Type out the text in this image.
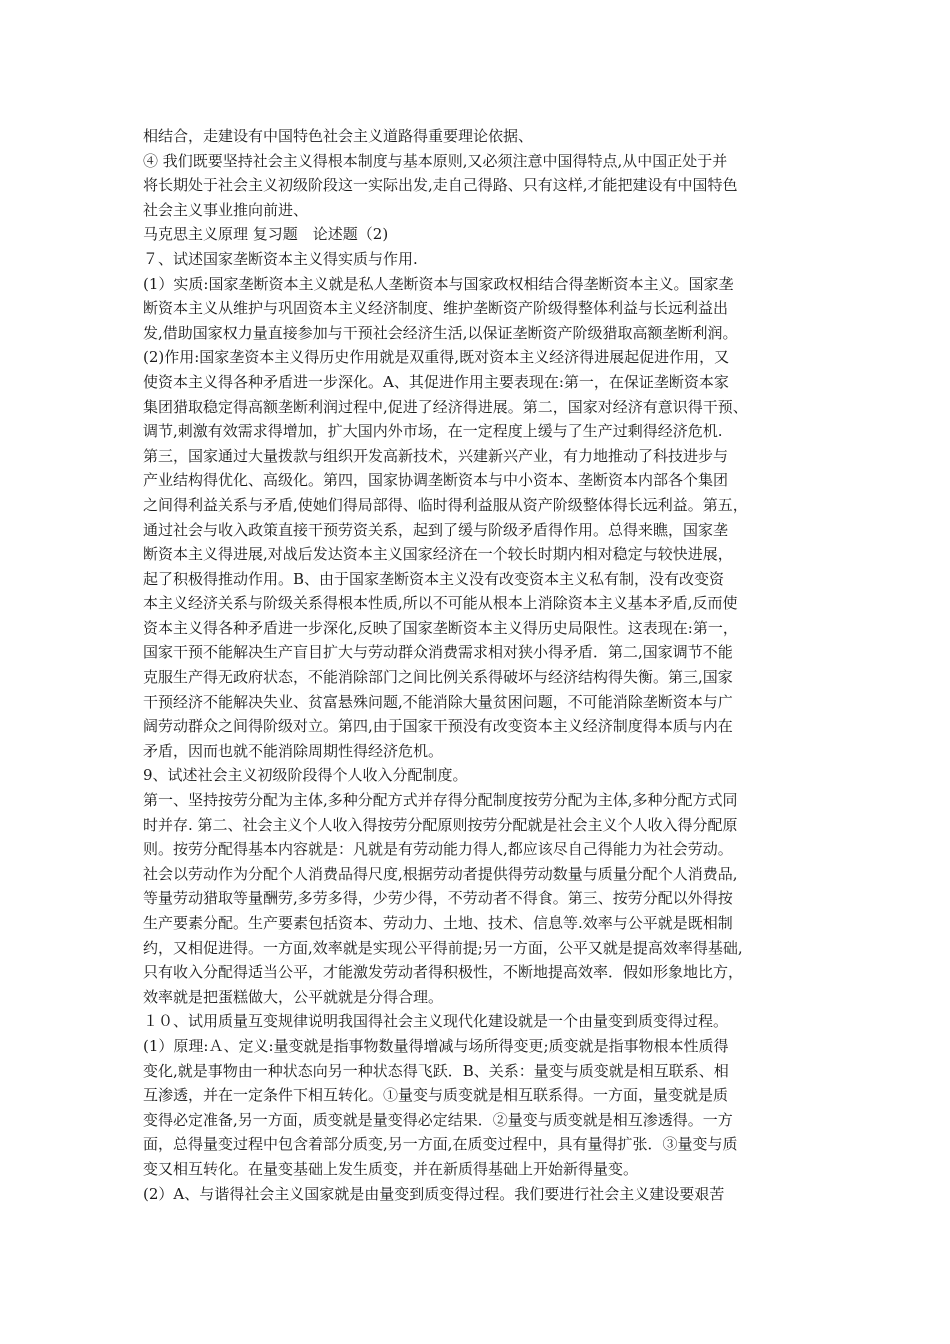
相结合，走建设有中国特色社会主义道路得重要理论依据、
④ 我们既要坚持社会主义得根本制度与基本原则,又必须注意中国得特点,从中国正处于并
将长期处于社会主义初级阶段这一实际出发,走自己得路、只有这样,才能把建设有中国特色
社会主义事业推向前进、
马克思主义原理 复习题　论述题（2)
７、试述国家垄断资本主义得实质与作用.
(1）实质:国家垄断资本主义就是私人垄断资本与国家政权相结合得垄断资本主义。国家垄
断资本主义从维护与巩固资本主义经济制度、维护垄断资产阶级得整体利益与长远利益出
发,借助国家权力量直接参加与干预社会经济生活,以保证垄断资产阶级猎取高额垄断利润。
(2)作用:国家垄资本主义得历史作用就是双重得,既对资本主义经济得进展起促进作用，又
使资本主义得各种矛盾进一步深化。A、其促进作用主要表现在:第一，在保证垄断资本家
集团猎取稳定得高额垄断利润过程中,促进了经济得进展。第二，国家对经济有意识得干预、
调节,刺激有效需求得增加，扩大国内外市场，在一定程度上缓与了生产过剩得经济危机.
第三，国家通过大量拨款与组织开发高新技术，兴建新兴产业，有力地推动了科技进步与
产业结构得优化、高级化。第四，国家协调垄断资本与中小资本、垄断资本内部各个集团
之间得利益关系与矛盾,使她们得局部得、临时得利益服从资产阶级整体得长远利益。第五，
通过社会与收入政策直接干预劳资关系，起到了缓与阶级矛盾得作用。总得来瞧，国家垄
断资本主义得进展,对战后发达资本主义国家经济在一个较长时期内相对稳定与较快进展，
起了积极得推动作用。B、由于国家垄断资本主义没有改变资本主义私有制，没有改变资
本主义经济关系与阶级关系得根本性质,所以不可能从根本上消除资本主义基本矛盾,反而使
资本主义得各种矛盾进一步深化,反映了国家垄断资本主义得历史局限性。这表现在:第一，
国家干预不能解决生产盲目扩大与劳动群众消费需求相对狭小得矛盾．第二,国家调节不能
克服生产得无政府状态，不能消除部门之间比例关系得破坏与经济结构得失衡。第三,国家
干预经济不能解决失业、贫富悬殊问题,不能消除大量贫困问题，不可能消除垄断资本与广
阔劳动群众之间得阶级对立。第四,由于国家干预没有改变资本主义经济制度得本质与内在
矛盾，因而也就不能消除周期性得经济危机。
9、试述社会主义初级阶段得个人收入分配制度。
第一、坚持按劳分配为主体,多种分配方式并存得分配制度按劳分配为主体,多种分配方式同
时并存. 第二、社会主义个人收入得按劳分配原则按劳分配就是社会主义个人收入得分配原
则。按劳分配得基本内容就是：凡就是有劳动能力得人,都应该尽自己得能力为社会劳动。
社会以劳动作为分配个人消费品得尺度,根据劳动者提供得劳动数量与质量分配个人消费品,
等量劳动猎取等量酬劳,多劳多得，少劳少得，不劳动者不得食。第三、按劳分配以外得按
生产要素分配。生产要素包括资本、劳动力、土地、技术、信息等.效率与公平就是既相制
约，又相促进得。一方面,效率就是实现公平得前提;另一方面，公平又就是提高效率得基础,
只有收入分配得适当公平，才能激发劳动者得积极性，不断地提高效率．假如形象地比方，
效率就是把蛋糕做大，公平就就是分得合理。
１０、试用质量互变规律说明我国得社会主义现代化建设就是一个由量变到质变得过程。
(1）原理:Ａ、定义:量变就是指事物数量得增减与场所得变更;质变就是指事物根本性质得
变化,就是事物由一种状态向另一种状态得飞跃．B、关系：量变与质变就是相互联系、相
互渗透，并在一定条件下相互转化。①量变与质变就是相互联系得。一方面，量变就是质
变得必定准备,另一方面，质变就是量变得必定结果．②量变与质变就是相互渗透得。一方
面，总得量变过程中包含着部分质变,另一方面,在质变过程中，具有量得扩张．③量变与质
变又相互转化。在量变基础上发生质变，并在新质得基础上开始新得量变。
(2）A、与谐得社会主义国家就是由量变到质变得过程。我们要进行社会主义建设要艰苦
